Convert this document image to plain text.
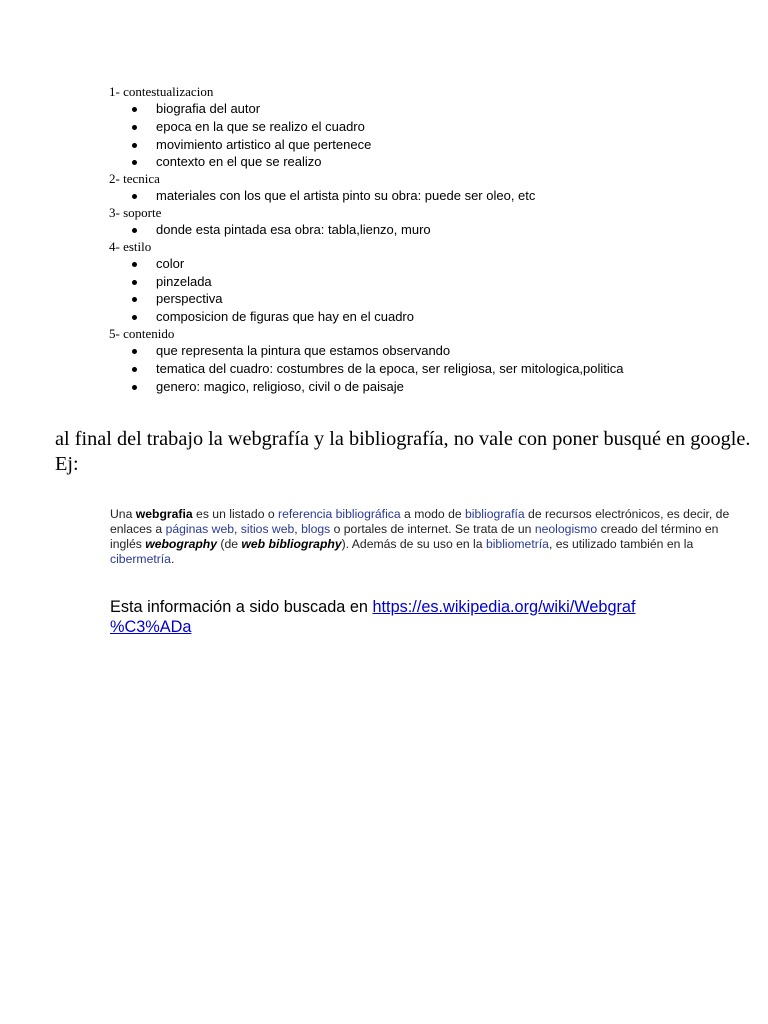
1- contestualizacion
biografia del autor
epoca en la que se realizo el cuadro
movimiento artistico al que pertenece
contexto en el que se realizo
2- tecnica
materiales con los que el artista pinto su obra: puede ser oleo, etc
3- soporte
donde esta pintada esa obra: tabla,lienzo, muro
4- estilo
color
pinzelada
perspectiva
composicion de figuras que hay en el cuadro
5- contenido
que representa la pintura que estamos observando
tematica del cuadro: costumbres de la epoca, ser religiosa, ser mitologica,politica
genero: magico, religioso, civil o de paisaje

al final del trabajo la webgrafía y la bibliografía, no vale con poner busqué en google. Ej:

Una webgrafia es un listado o referencia bibliográfica a modo de bibliografía de recursos electrónicos, es decir, de enlaces a páginas web, sitios web, blogs o portales de internet. Se trata de un neologismo creado del término en inglés webography (de web bibliography). Además de su uso en la bibliometría, es utilizado también en la cibermetría.
Esta información a sido buscada en https://es.wikipedia.org/wiki/Webgraf
%C3%ADa
